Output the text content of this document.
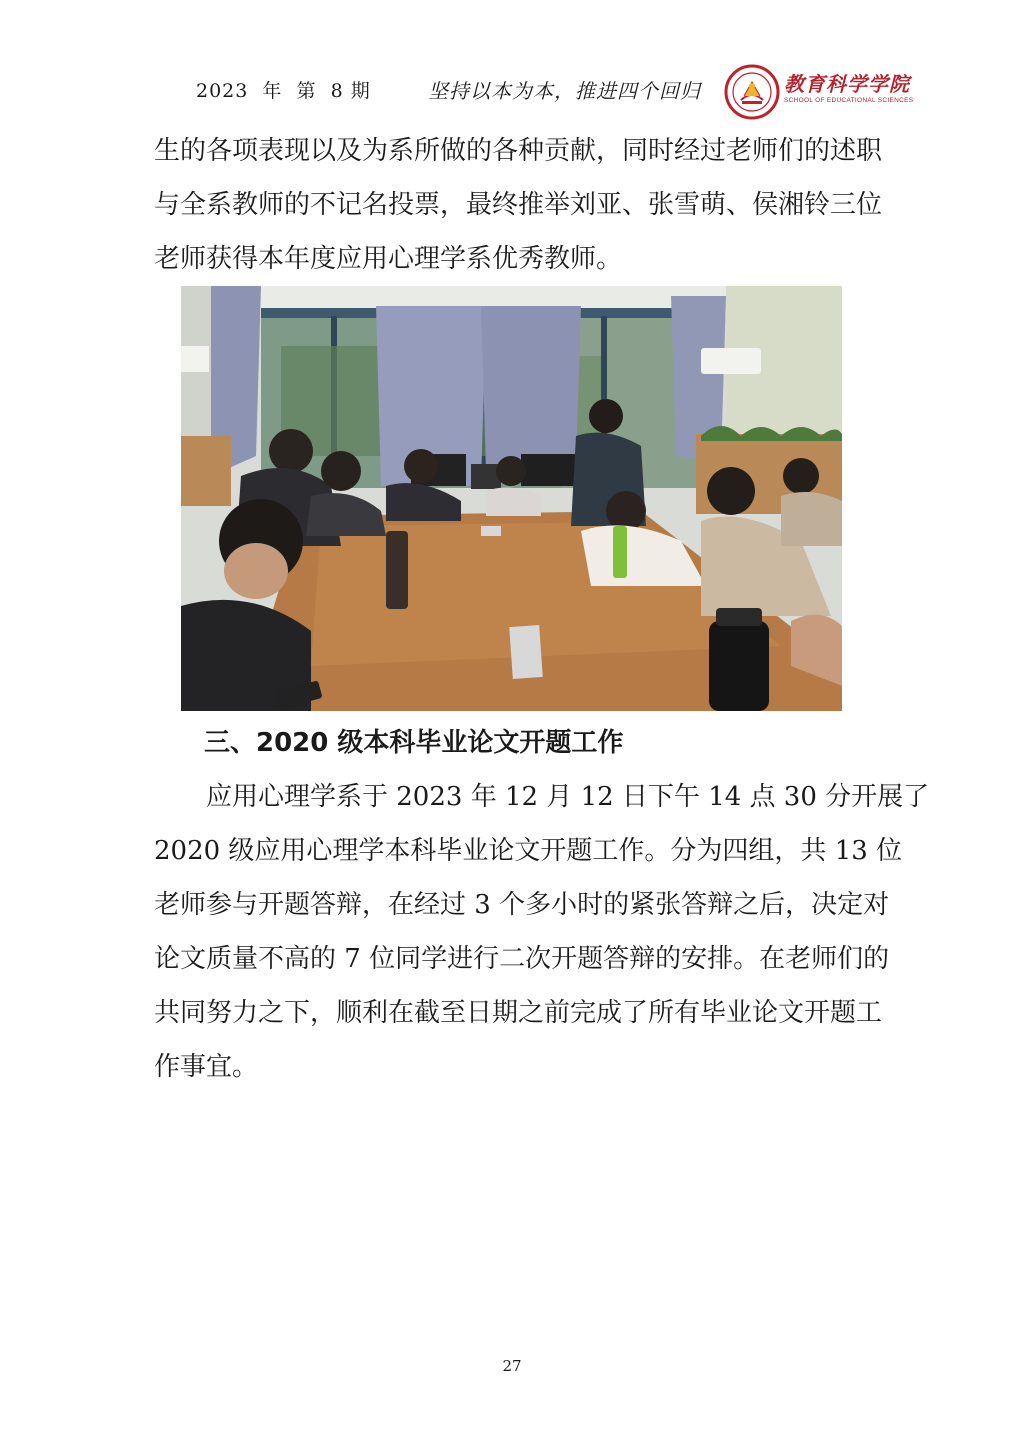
2023  年  第  8 期	坚持以本为本，推进四个回归	教育科学学院
SCHOOL OF EDUCATIONAL SCIENCES
生的各项表现以及为系所做的各种贡献，同时经过老师们的述职
与全系教师的不记名投票，最终推举刘亚、张雪萌、侯湘铃三位
老师获得本年度应用心理学系优秀教师。
三、2020 级本科毕业论文开题工作
应用心理学系于 2023 年 12 月 12 日下午 14 点 30 分开展了
2020 级应用心理学本科毕业论文开题工作。分为四组，共 13 位
老师参与开题答辩，在经过 3 个多小时的紧张答辩之后，决定对
论文质量不高的 7 位同学进行二次开题答辩的安排。在老师们的
共同努力之下，顺利在截至日期之前完成了所有毕业论文开题工
作事宜。
27
